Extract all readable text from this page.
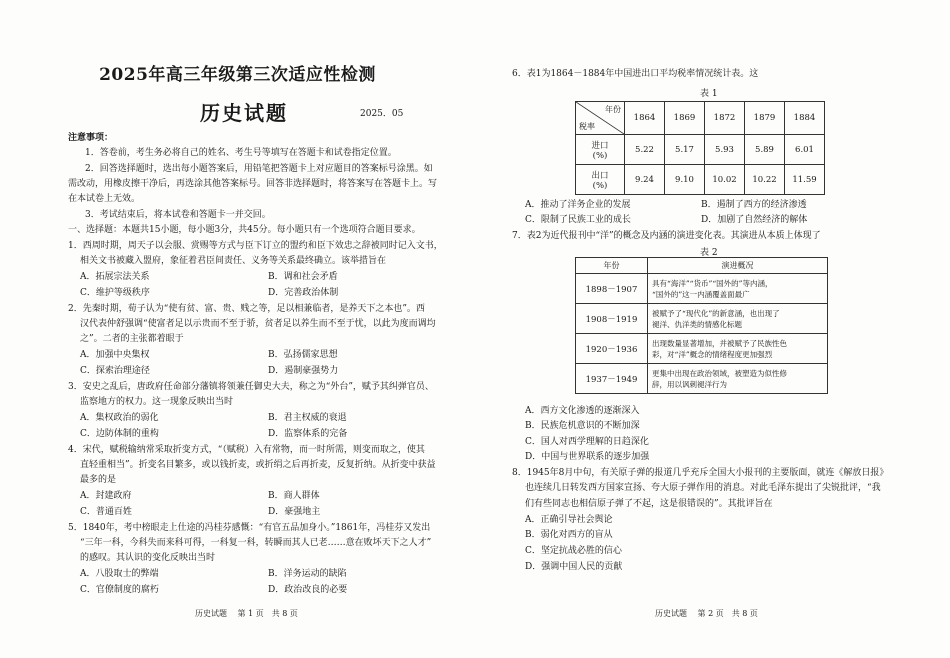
2025年高三年级第三次适应性检测
历史试题	2025．05
注意事项：
1．答卷前，考生务必将自己的姓名、考生号等填写在答题卡和试卷指定位置。
2．回答选择题时，选出每小题答案后，用铅笔把答题卡上对应题目的答案标号涂黑。如
需改动，用橡皮擦干净后，再选涂其他答案标号。回答非选择题时，将答案写在答题卡上。写
在本试卷上无效。
3．考试结束后，将本试卷和答题卡一并交回。
一、选择题：本题共15小题，每小题3分，共45分。每小题只有一个选项符合题目要求。
1．西周时期，周天子以会服、赏赐等方式与臣下订立的盟约和臣下效忠之辞被同时记入文书，
相关文书被藏入盟府，象征着君臣间责任、义务等关系最终确立。该举措旨在
A．拓展宗法关系	B．调和社会矛盾
C．维护等级秩序	D．完善政治体制
2．先秦时期，荀子认为“使有贫、富、贵、贱之等，足以相兼临者，是养天下之本也”。西
汉代表仲舒强调“使富者足以示贵而不至于骄，贫者足以养生而不至于忧，以此为度而调均
之”。二者的主张都着眼于
A．加强中央集权	B．弘扬儒家思想
C．探索治理途径	D．遏制豪强势力
3．安史之乱后，唐政府任命部分藩镇将领兼任御史大夫，称之为“外台”，赋予其纠弹官员、
监察地方的权力。这一现象反映出当时
A．集权政治的弱化	B．君主权威的衰退
C．边防体制的重构	D．监察体系的完备
4．宋代，赋税输纳常采取折变方式，“（赋税）入有常物，而一时所需，则变而取之，使其
直轻重相当”。折变名目繁多，或以钱折麦，或折绢之后再折麦，反复折纳。从折变中获益
最多的是
A．封建政府	B．商人群体
C．普通百姓	D．豪强地主
5．1840年，考中榜眼走上仕途的冯桂芬感慨：“有官五品加身小。”1861年，冯桂芬又发出
“三年一科，今科失而来科可得，一科复一科，转瞬而其人已老……意在败坏天下之人才”
的感叹。其认识的变化反映出当时
A．八股取士的弊端	B．洋务运动的缺陷
C．官僚制度的腐朽	D．政治改良的必要
历史试题　 第 1 页　共 8 页
6．表1为1864－1884年中国进出口平均税率情况统计表。这
表 1
A．推动了洋务企业的发展	B．遏制了西方的经济渗透
C．限制了民族工业的成长	D．加剧了自然经济的解体
7．表2为近代报刊中“洋”的概念及内涵的演进变化表。其演进从本质上体现了
表 2
A．西方文化渗透的逐渐深入
B．民族危机意识的不断加深
C．国人对西学理解的日趋深化
D．中国与世界联系的逐步加强
8．1945年8月中旬，有关原子弹的报道几乎充斥全国大小报刊的主要版面，就连《解放日报》
也连续几日转发西方国家宣扬、夸大原子弹作用的消息。对此毛泽东提出了尖锐批评，“我
们有些同志也相信原子弹了不起，这是很错误的”。其批评旨在
A．正确引导社会舆论
B．弱化对西方的盲从
C．坚定抗战必胜的信心
D．强调中国人民的贡献
历史试题　 第 2 页　共 8 页
年份
税率	1864	1869	1872	1879	1884

进口
(%)	5.22	5.17	5.93	5.89	6.01

出口
(%)	9.24	9.10	10.02	10.22	11.59
年份	演进概况
1898－1907	具有“海洋”“货币”“国外的”等内涵，
“国外的”这一内涵覆盖面最广

1908－1919	被赋予了“现代化”的新意涵，也出现了
褪洋、仇洋类的情感化标题

1920－1936	出现数量显著增加，并被赋予了民族性色
彩，对“洋”概念的情绪程度更加强烈

1937－1949	更集中出现在政治领域，被塑造为似性修
辞，用以讽刺褪洋行为
